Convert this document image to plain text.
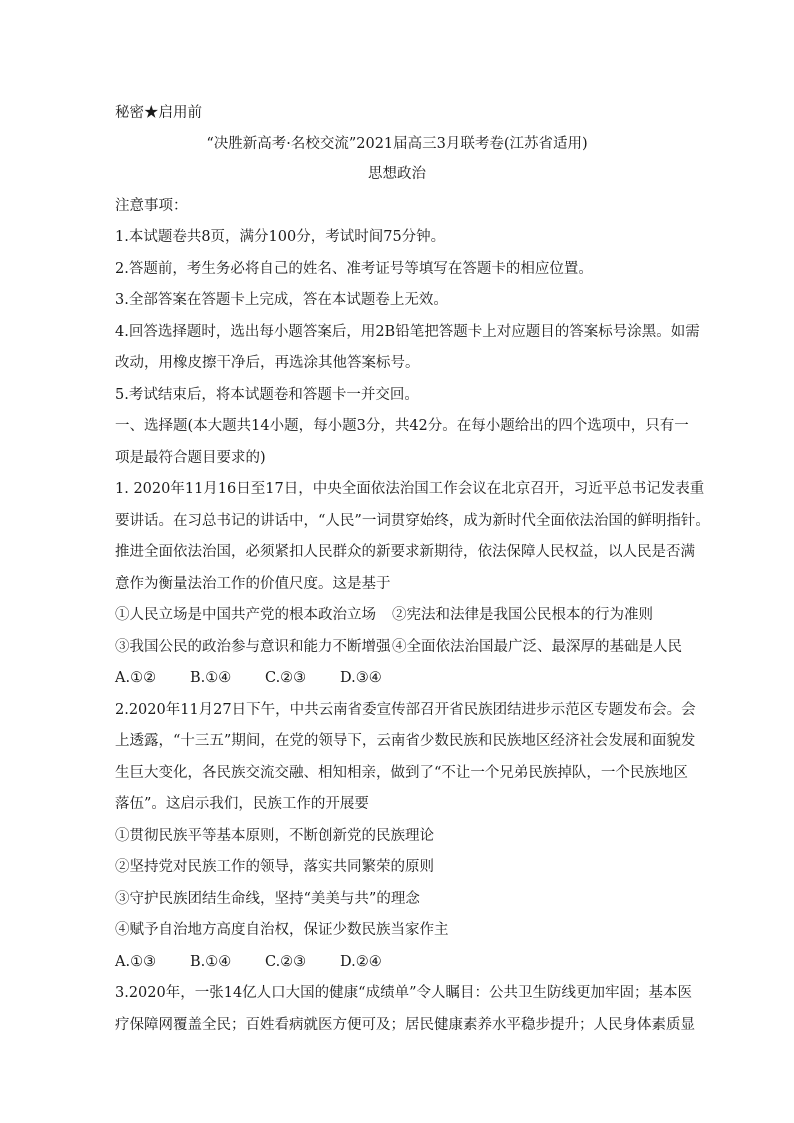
秘密★启用前
“决胜新高考·名校交流”2021届高三3月联考卷(江苏省适用)
思想政治
注意事项：
1.本试题卷共8页，满分100分，考试时间75分钟。
2.答题前，考生务必将自己的姓名、准考证号等填写在答题卡的相应位置。
3.全部答案在答题卡上完成，答在本试题卷上无效。
4.回答选择题时，选出每小题答案后，用2B铅笔把答题卡上对应题目的答案标号涂黑。如需
改动，用橡皮擦干净后，再选涂其他答案标号。
5.考试结束后，将本试题卷和答题卡一并交回。
一、选择题(本大题共14小题，每小题3分，共42分。在每小题给出的四个选项中，只有一
项是最符合题目要求的)
1. 2020年11月16日至17日，中央全面依法治国工作会议在北京召开，习近平总书记发表重
要讲话。在习总书记的讲话中，“人民”一词贯穿始终，成为新时代全面依法治国的鲜明指针。
推进全面依法治国，必须紧扣人民群众的新要求新期待，依法保障人民权益，以人民是否满
意作为衡量法治工作的价值尺度。这是基于
①人民立场是中国共产党的根本政治立场 ②宪法和法律是我国公民根本的行为准则
③我国公民的政治参与意识和能力不断增强 ④全面依法治国最广泛、最深厚的基础是人民
A.①② B.①④ C.②③ D.③④
2.2020年11月27日下午，中共云南省委宣传部召开省民族团结进步示范区专题发布会。会
上透露，“十三五”期间，在党的领导下，云南省少数民族和民族地区经济社会发展和面貌发
生巨大变化，各民族交流交融、相知相亲，做到了“不让一个兄弟民族掉队，一个民族地区
落伍”。这启示我们，民族工作的开展要
①贯彻民族平等基本原则，不断创新党的民族理论
②坚持党对民族工作的领导，落实共同繁荣的原则
③守护民族团结生命线，坚持“美美与共”的理念
④赋予自治地方高度自治权，保证少数民族当家作主
A.①③ B.①④ C.②③ D.②④
3.2020年，一张14亿人口大国的健康“成绩单”令人瞩目：公共卫生防线更加牢固；基本医
疗保障网覆盖全民；百姓看病就医方便可及；居民健康素养水平稳步提升；人民身体素质显
